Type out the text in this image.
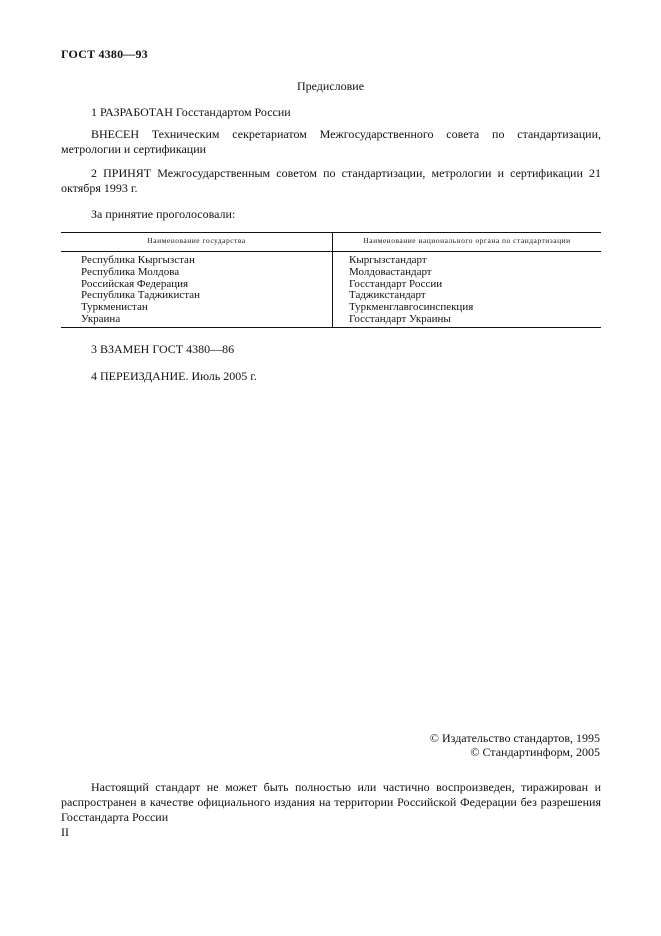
ГОСТ 4380—93
Предисловие
1 РАЗРАБОТАН Госстандартом России
ВНЕСЕН Техническим секретариатом Межгосударственного совета по стандартизации, метрологии и сертификации
2 ПРИНЯТ Межгосударственным советом по стандартизации, метрологии и сертификации 21 октября 1993 г.
За принятие проголосовали:
Наименование государства	Наименование национального органа по стандартизации
Республика Кыргызстан
Республика Молдова
Российская Федерация
Республика Таджикистан
Туркменистан
Украина
Кыргызстандарт
Молдовастандарт
Госстандарт России
Таджикстандарт
Туркменглавгосинспекция
Госстандарт Украины
3 ВЗАМЕН ГОСТ 4380—86
4 ПЕРЕИЗДАНИЕ. Июль 2005 г.
© Издательство стандартов, 1995
© Стандартинформ, 2005
Настоящий стандарт не может быть полностью или частично воспроизведен, тиражирован и распространен в качестве официального издания на территории Российской Федерации без разрешения Госстандарта России
II
